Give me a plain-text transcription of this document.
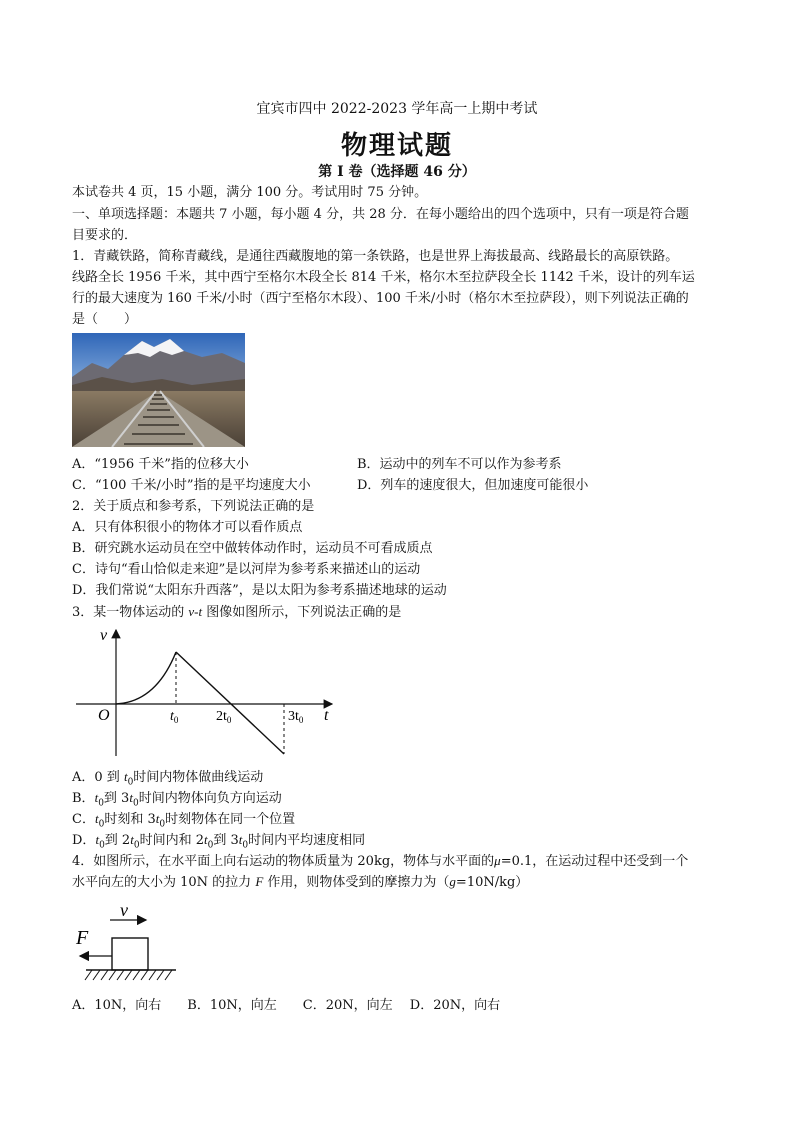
宜宾市四中 2022-2023 学年高一上期中考试
物理试题
第 I 卷（选择题 46 分）
本试卷共 4 页，15 小题，满分 100 分。考试用时 75 分钟。
一、单项选择题：本题共 7 小题，每小题 4 分，共 28 分．在每小题给出的四个选项中，只有一项是符合题
目要求的．
1．青藏铁路，简称青藏线，是通往西藏腹地的第一条铁路，也是世界上海拔最高、线路最长的高原铁路。
线路全长 1956 千米，其中西宁至格尔木段全长 814 千米，格尔木至拉萨段全长 1142 千米，设计的列车运
行的最大速度为 160 千米/小时（西宁至格尔木段）、100 千米/小时（格尔木至拉萨段），则下列说法正确的
是（　　）
A．“1956 千米”指的位移大小	B．运动中的列车不可以作为参考系
C．“100 千米/小时”指的是平均速度大小	D．列车的速度很大，但加速度可能很小
2．关于质点和参考系，下列说法正确的是
A．只有体积很小的物体才可以看作质点
B．研究跳水运动员在空中做转体动作时，运动员不可看成质点
C．诗句“看山恰似走来迎”是以河岸为参考系来描述山的运动
D．我们常说“太阳东升西落”，是以太阳为参考系描述地球的运动
3．某一物体运动的 v-t 图像如图所示，下列说法正确的是
v
t
O	$t_0$	$2t_0$	$3t_0$
A．0 到 $t_0$时间内物体做曲线运动
B．$t_0$到 $3t_0$时间内物体向负方向运动
C．$t_0$时刻和 $3t_0$时刻物体在同一个位置
D．$t_0$到 $2t_0$时间内和 $2t_0$到 $3t_0$时间内平均速度相同
4．如图所示，在水平面上向右运动的物体质量为 20kg，物体与水平面的μ=0.1，在运动过程中还受到一个
水平向左的大小为 10N 的拉力 F 作用，则物体受到的摩擦力为（g=10N/kg）
v
F
A．10N，向右　　B．10N，向左　　C．20N，向左　 D．20N，向右
